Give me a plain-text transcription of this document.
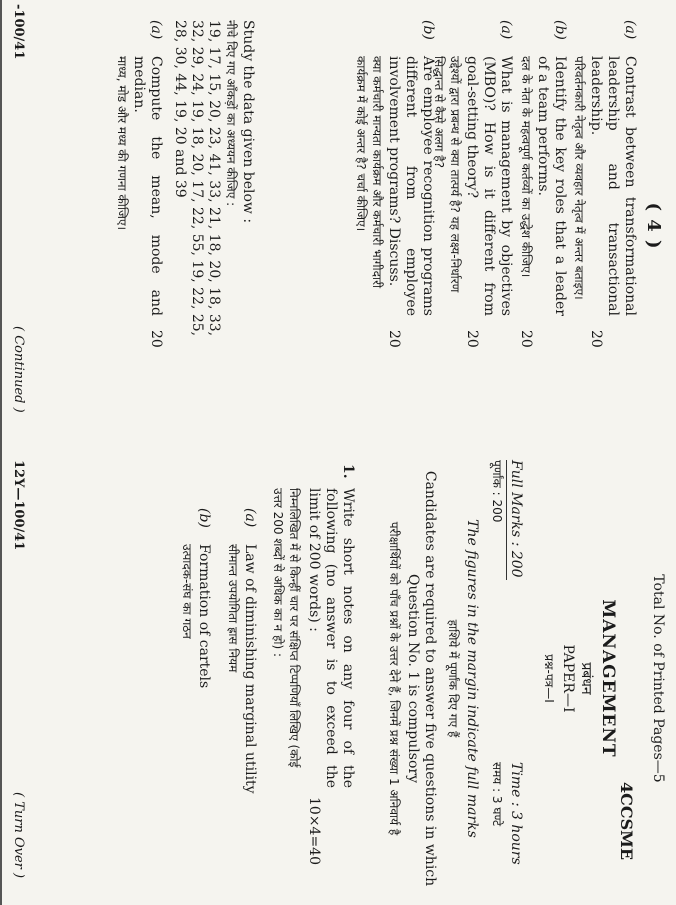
( 4 )
(a)
Contrast between transformational leadership and transactional leadership.
परिवर्तनकारी नेतृत्व और व्यवहार नेतृत्व में अन्तर बताइए।
20
(b)
Identify the key roles that a leader of a team performs.
दल के नेता के महत्वपूर्ण कर्तव्यों का उद्धेश कीजिए।
20
(a)
What is management by objectives (MBO)? How is it different from goal-setting theory?
उद्देश्यों द्वारा प्रबन्ध से क्या तात्पर्य है? यह लक्ष्य-निर्धारण सिद्धान्त से कैसे अलग है?
20
(b)
Are employee recognition programs different from employee involvement programs? Discuss.
क्या कर्मचारी मान्यता कार्यक्रम और कर्मचारी भागीदारी कार्यक्रम में कोई अन्तर है? चर्चा कीजिए।
20
Study the data given below :
नीचे दिए गए आँकड़ों का अध्ययन कीजिए :
19, 17, 15, 20, 23, 41, 33, 21, 18, 20, 18, 33,
32, 29, 24, 19, 18, 20, 17, 22, 55, 19, 22, 25,
28, 30, 44, 19, 20 and 39
(a)
Compute the mean, mode and median.
माध्य, मोड और मध्य की गणना कीजिए।
20
-100/41
( Continued )
Total No. of Printed Pages—5
4CCSME
MANAGEMENT
प्रबंधन
PAPER—I
प्रश्न-पत्र—I
Full Marks : 200
पूर्णांक : 200
Time : 3 hours
समय : 3 घण्टे
The figures in the margin indicate full marks
हाशिये में पूर्णांक दिए गए हैं
Candidates are required to answer five questions in which Question No. 1 is compulsory
परीक्षार्थियों को पाँच प्रश्नों के उत्तर देने हैं, जिनमें प्रश्न संख्या 1 अनिवार्य है
1.
Write short notes on any four of the following (no answer is to exceed the limit of 200 words) :
10×4=40
निम्नलिखित में से किन्हीं चार पर संक्षिप्त टिप्पणियाँ लिखिए (कोई उत्तर 200 शब्दों से अधिक का न हो) :
(a)
Law of diminishing marginal utility
सीमान्त उपयोगिता ह्रास नियम
(b)
Formation of cartels
उत्पादक-संघ का गठन
12Y—100/41
( Turn Over )
